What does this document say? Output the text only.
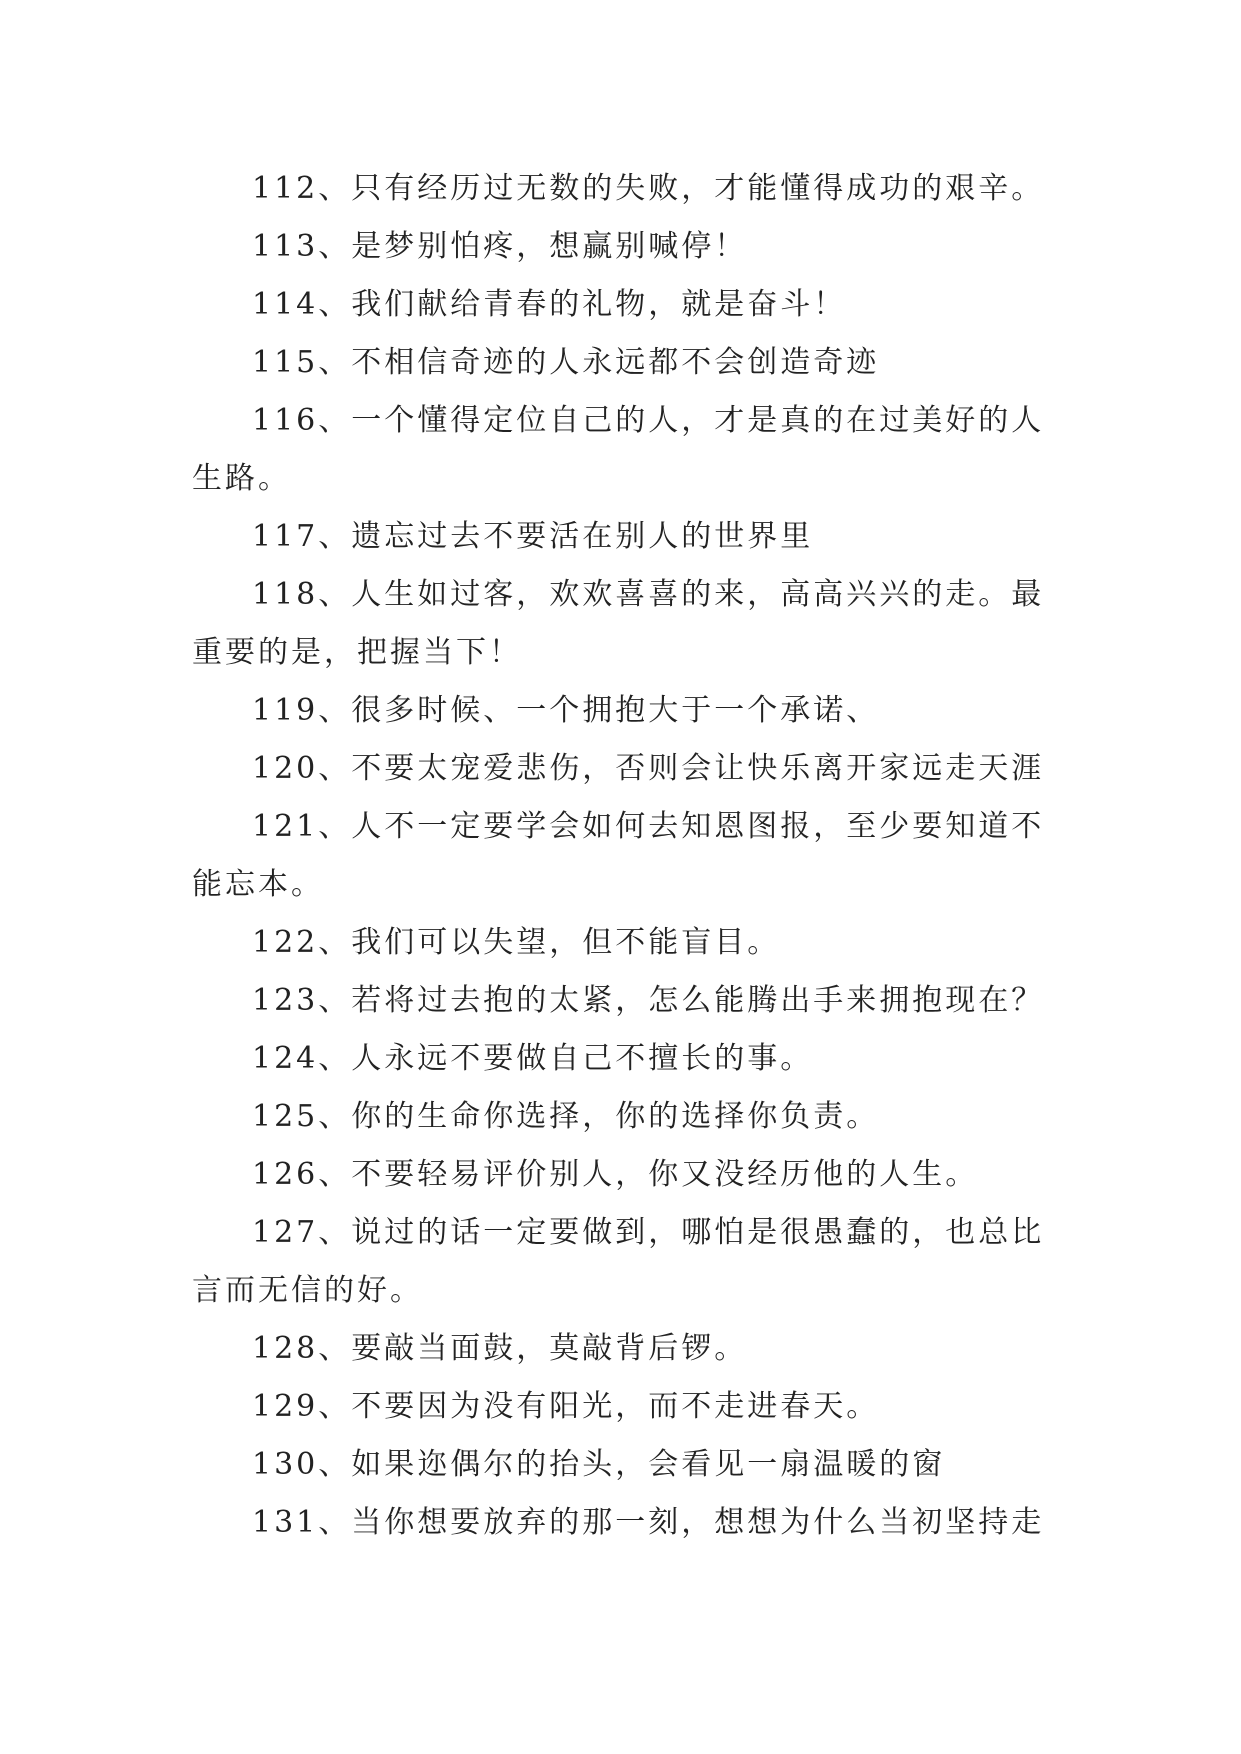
112、只有经历过无数的失败，才能懂得成功的艰辛。

113、是梦别怕疼，想赢别喊停！

114、我们献给青春的礼物，就是奋斗！

115、不相信奇迹的人永远都不会创造奇迹

116、一个懂得定位自己的人，才是真的在过美好的人生路。

117、遗忘过去不要活在别人的世界里

118、人生如过客，欢欢喜喜的来，高高兴兴的走。最重要的是，把握当下！

119、很多时候、一个拥抱大于一个承诺、

120、不要太宠爱悲伤，否则会让快乐离开家远走天涯

121、人不一定要学会如何去知恩图报，至少要知道不能忘本。

122、我们可以失望，但不能盲目。

123、若将过去抱的太紧，怎么能腾出手来拥抱现在？

124、人永远不要做自己不擅长的事。

125、你的生命你选择，你的选择你负责。

126、不要轻易评价别人，你又没经历他的人生。

127、说过的话一定要做到，哪怕是很愚蠢的，也总比言而无信的好。

128、要敲当面鼓，莫敲背后锣。

129、不要因为没有阳光，而不走进春天。

130、如果迩偶尔的抬头，会看见一扇温暖的窗

131、当你想要放弃的那一刻，想想为什么当初坚持走
